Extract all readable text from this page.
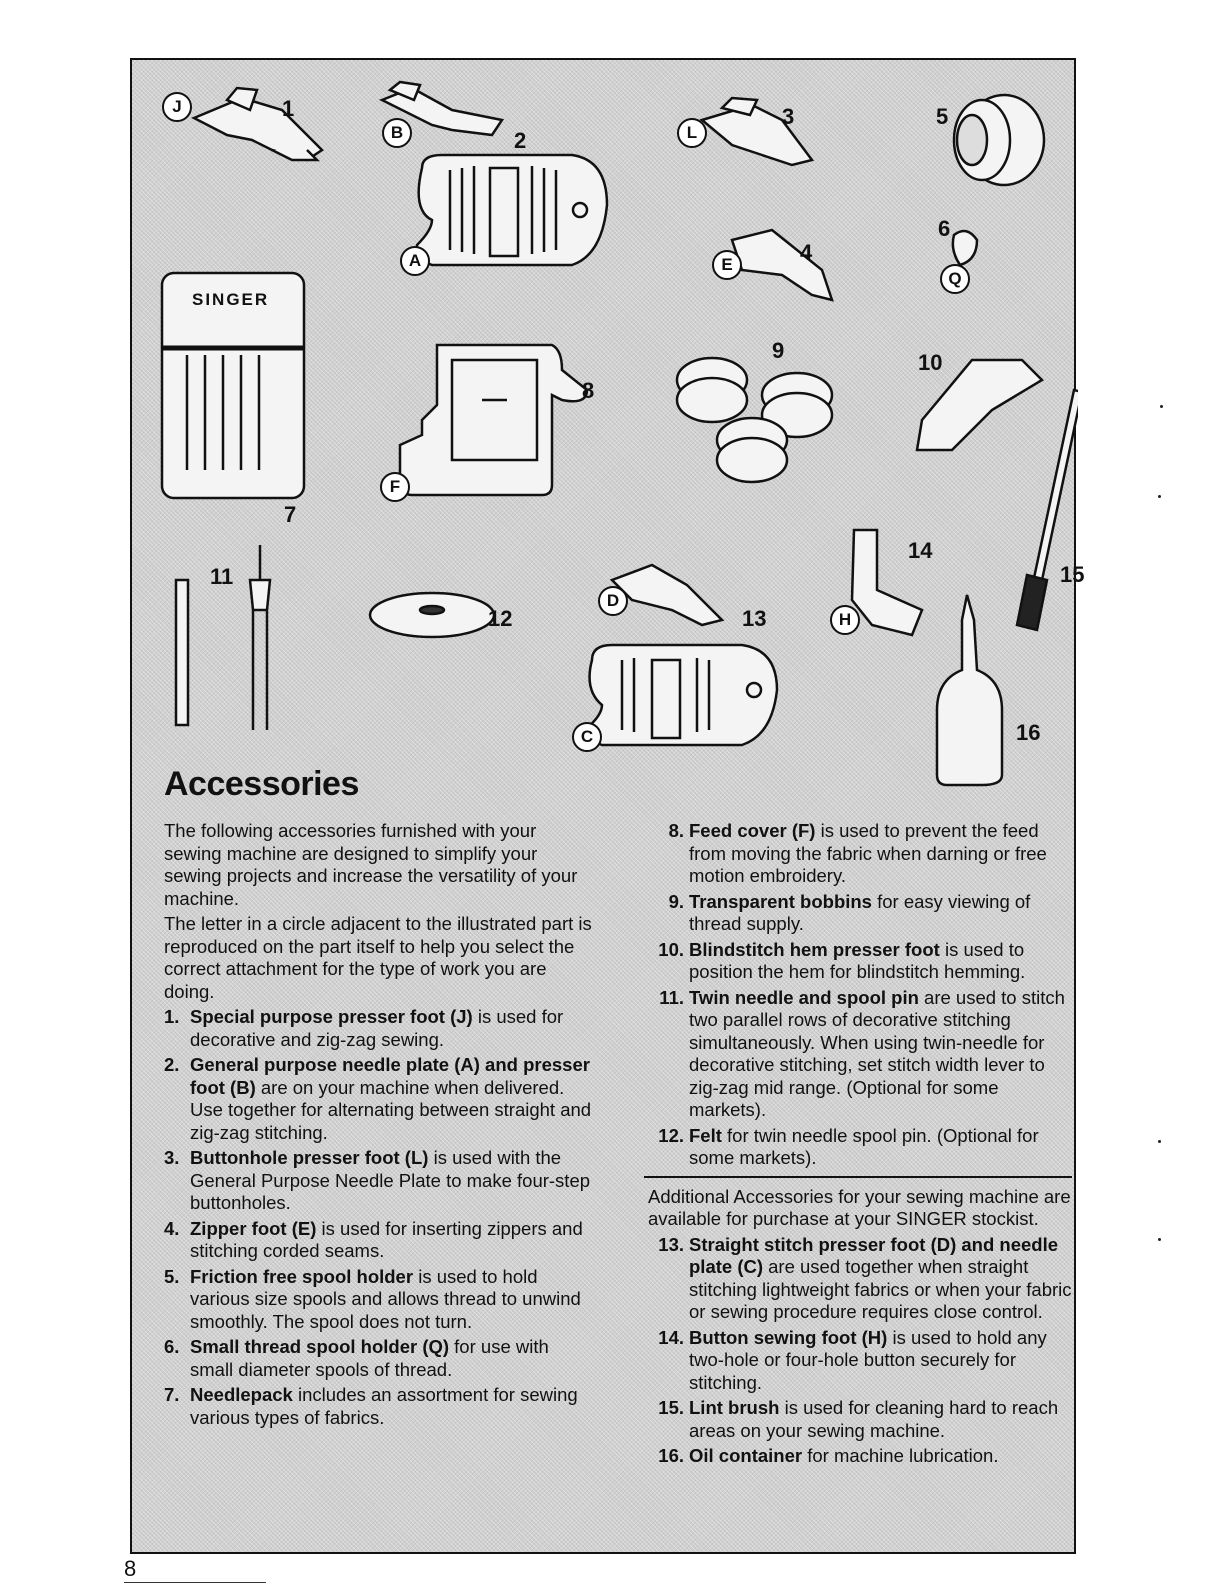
1
2
3
4
5
6
7
8
9	10
11
12	13
14
15
16
J
B	L
A	E
Q
F
D
H
C
SINGER
Accessories

The following accessories furnished with your sewing machine are designed to simplify your sewing projects and increase the versatility of your machine.

The letter in a circle adjacent to the illustrated part is reproduced on the part itself to help you select the correct attachment for the type of work you are doing.

1. Special purpose presser foot (J) is used for decorative and zig-zag sewing.
2. General purpose needle plate (A) and presser foot (B) are on your machine when delivered. Use together for alternating between straight and zig-zag stitching.
3. Buttonhole presser foot (L) is used with the General Purpose Needle Plate to make four-step buttonholes.
4. Zipper foot (E) is used for inserting zippers and stitching corded seams.
5. Friction free spool holder is used to hold various size spools and allows thread to unwind smoothly. The spool does not turn.
6. Small thread spool holder (Q) for use with small diameter spools of thread.
7. Needlepack includes an assortment for sewing various types of fabrics.
8. Feed cover (F) is used to prevent the feed from moving the fabric when darning or free motion embroidery.
9. Transparent bobbins for easy viewing of thread supply.
10. Blindstitch hem presser foot is used to position the hem for blindstitch hemming.
11. Twin needle and spool pin are used to stitch two parallel rows of decorative stitching simultaneously. When using twin-needle for decorative stitching, set stitch width lever to zig-zag mid range. (Optional for some markets).
12. Felt for twin needle spool pin. (Optional for some markets).

Additional Accessories for your sewing machine are available for purchase at your SINGER stockist.

13. Straight stitch presser foot (D) and needle plate (C) are used together when straight stitching lightweight fabrics or when your fabric or sewing procedure requires close control.
14. Button sewing foot (H) is used to hold any two-hole or four-hole button securely for stitching.
15. Lint brush is used for cleaning hard to reach areas on your sewing machine.
16. Oil container for machine lubrication.
8
